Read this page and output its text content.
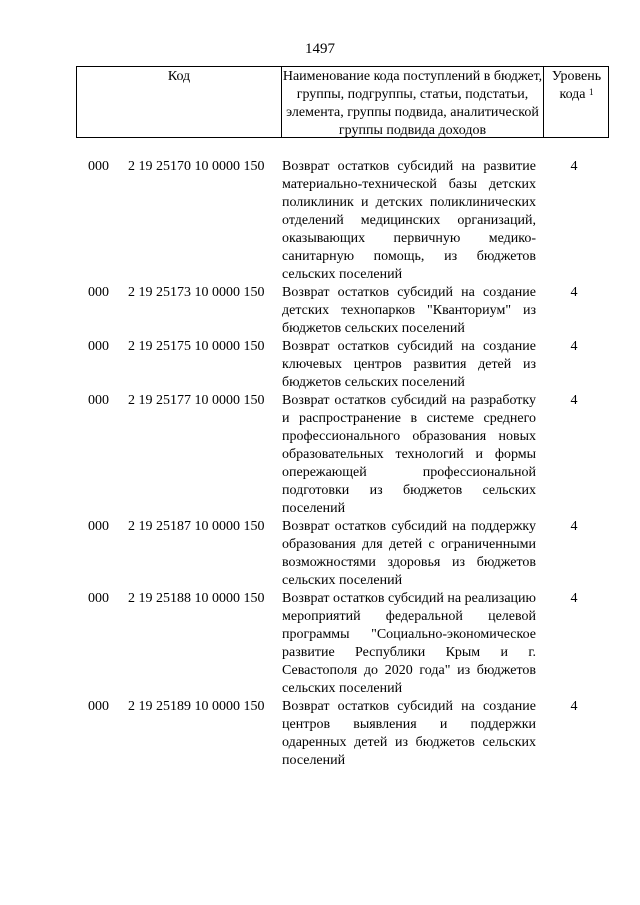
1497
Код	Наименование кода поступлений в бюджет, группы, подгруппы, статьи, подстатьи, элемента, группы подвида, аналитической группы подвида доходов
Уровень
кода $^1$
000 2 19 25170 10 0000 150 Возврат остатков субсидий на развитие материально-технической базы детских поликлиник и детских поликлинических отделений медицинских организаций, оказывающих первичную медико-санитарную помощь, из бюджетов сельских поселений
4
000 2 19 25173 10 0000 150 Возврат остатков субсидий на создание детских технопарков "Кванториум" из бюджетов сельских поселений
4
000 2 19 25175 10 0000 150 Возврат остатков субсидий на создание ключевых центров развития детей из бюджетов сельских поселений
4
000 2 19 25177 10 0000 150 Возврат остатков субсидий на разработку и распространение в системе среднего профессионального образования новых образовательных технологий и формы опережающей профессиональной подготовки из бюджетов сельских поселений
4
000 2 19 25187 10 0000 150 Возврат остатков субсидий на поддержку образования для детей с ограниченными возможностями здоровья из бюджетов сельских поселений
4
000 2 19 25188 10 0000 150 Возврат остатков субсидий на реализацию мероприятий федеральной целевой программы "Социально-экономическое развитие Республики Крым и г. Севастополя до 2020 года" из бюджетов сельских поселений
4
000 2 19 25189 10 0000 150 Возврат остатков субсидий на создание центров выявления и поддержки одаренных детей из бюджетов сельских поселений
4
